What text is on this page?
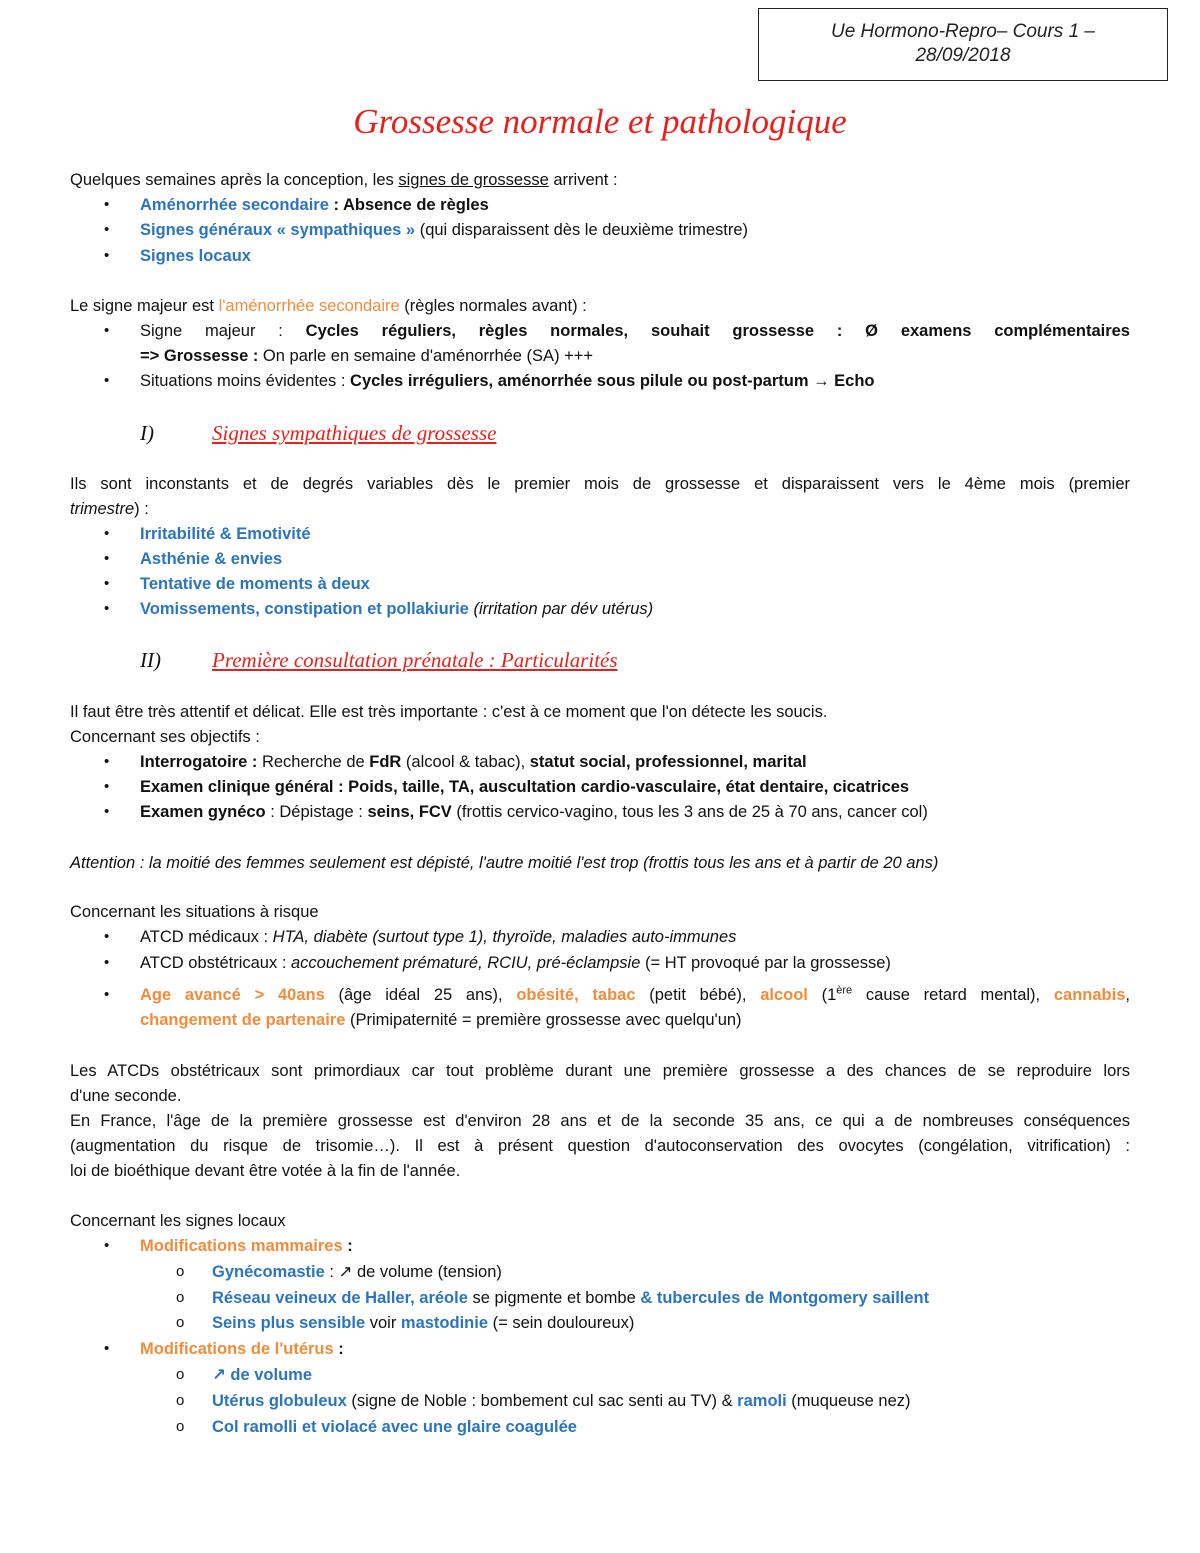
Ue Hormono-Repro– Cours 1 –
28/09/2018
Grossesse normale et pathologique
Quelques semaines après la conception, les signes de grossesse arrivent :
• Aménorrhée secondaire : Absence de règles
• Signes généraux « sympathiques » (qui disparaissent dès le deuxième trimestre)
• Signes locaux
Le signe majeur est l'aménorrhée secondaire (règles normales avant) :
• Signe majeur : Cycles réguliers, règles normales, souhait grossesse : Ø examens complémentaires
=> Grossesse : On parle en semaine d'aménorrhée (SA) +++
• Situations moins évidentes : Cycles irréguliers, aménorrhée sous pilule ou post-partum → Echo
I)	Signes sympathiques de grossesse
Ils sont inconstants et de degrés variables dès le premier mois de grossesse et disparaissent vers le 4ème mois (premier
trimestre) :
• Irritabilité & Emotivité
• Asthénie & envies
• Tentative de moments à deux
• Vomissements, constipation et pollakiurie (irritation par dév utérus)
II) Première consultation prénatale : Particularités
Il faut être très attentif et délicat. Elle est très importante : c'est à ce moment que l'on détecte les soucis.
Concernant ses objectifs :
• Interrogatoire : Recherche de FdR (alcool & tabac), statut social, professionnel, marital
• Examen clinique général : Poids, taille, TA, auscultation cardio-vasculaire, état dentaire, cicatrices
• Examen gynéco : Dépistage : seins, FCV (frottis cervico-vagino, tous les 3 ans de 25 à 70 ans, cancer col)
Attention : la moitié des femmes seulement est dépisté, l'autre moitié l'est trop (frottis tous les ans et à partir de 20 ans)
Concernant les situations à risque
• ATCD médicaux : HTA, diabète (surtout type 1), thyroïde, maladies auto-immunes
• ATCD obstétricaux : accouchement prématuré, RCIU, pré-éclampsie (= HT provoqué par la grossesse)
• Age avancé > 40ans (âge idéal 25 ans), obésité, tabac (petit bébé), alcool (1ère cause retard mental), cannabis,
changement de partenaire (Primipaternité = première grossesse avec quelqu'un)
Les ATCDs obstétricaux sont primordiaux car tout problème durant une première grossesse a des chances de se reproduire lors
d'une seconde.
En France, l'âge de la première grossesse est d'environ 28 ans et de la seconde 35 ans, ce qui a de nombreuses conséquences
(augmentation du risque de trisomie…). Il est à présent question d'autoconservation des ovocytes (congélation, vitrification) :
loi de bioéthique devant être votée à la fin de l'année.
Concernant les signes locaux
• Modifications mammaires :
o Gynécomastie : ↗ de volume (tension)
o Réseau veineux de Haller, aréole se pigmente et bombe & tubercules de Montgomery saillent
o Seins plus sensible voir mastodinie (= sein douloureux)
• Modifications de l'utérus :
o ↗ de volume
o Utérus globuleux (signe de Noble : bombement cul sac senti au TV) & ramoli (muqueuse nez)
o Col ramolli et violacé avec une glaire coagulée
